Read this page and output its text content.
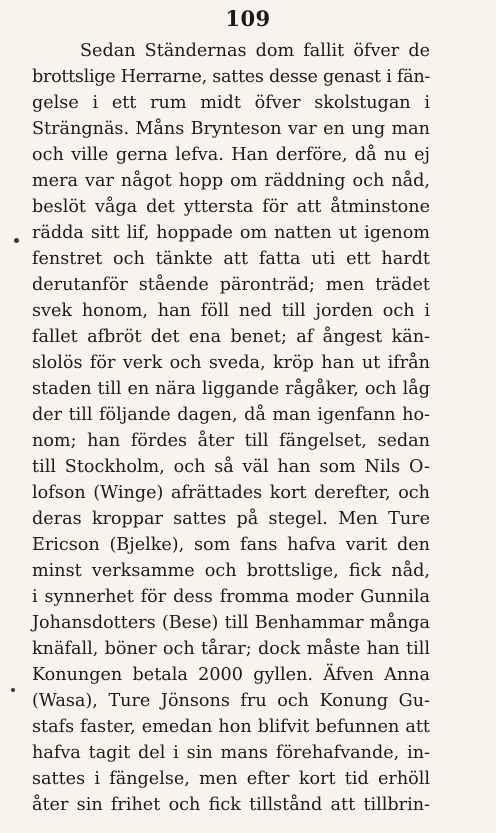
109
Sedan Ständernas dom fallit öfver de
brottslige Herrarne, sattes desse genast i fän-
gelse i ett rum midt öfver skolstugan i
Strängnäs. Måns Brynteson var en ung man
och ville gerna lefva. Han derföre, då nu ej
mera var något hopp om räddning och nåd,
beslöt våga det yttersta för att åtminstone
rädda sitt lif, hoppade om natten ut igenom
fenstret och tänkte att fatta uti ett hardt
derutanför stående päronträd; men trädet
svek honom, han föll ned till jorden och i
fallet afbröt det ena benet; af ångest kän-
slolös för verk och sveda, kröp han ut ifrån
staden till en nära liggande rågåker, och låg
der till följande dagen, då man igenfann ho-
nom; han fördes åter till fängelset, sedan
till Stockholm, och så väl han som Nils O-
lofson (Winge) afrättades kort derefter, och
deras kroppar sattes på stegel. Men Ture
Ericson (Bjelke), som fans hafva varit den
minst verksamme och brottslige, fick nåd,
i synnerhet för dess fromma moder Gunnila
Johansdotters (Bese) till Benhammar många
knäfall, böner och tårar; dock måste han till
Konungen betala 2000 gyllen. Äfven Anna
(Wasa), Ture Jönsons fru och Konung Gu-
stafs faster, emedan hon blifvit befunnen att
hafva tagit del i sin mans förehafvande, in-
sattes i fängelse, men efter kort tid erhöll
åter sin frihet och fick tillstånd att tillbrin-
